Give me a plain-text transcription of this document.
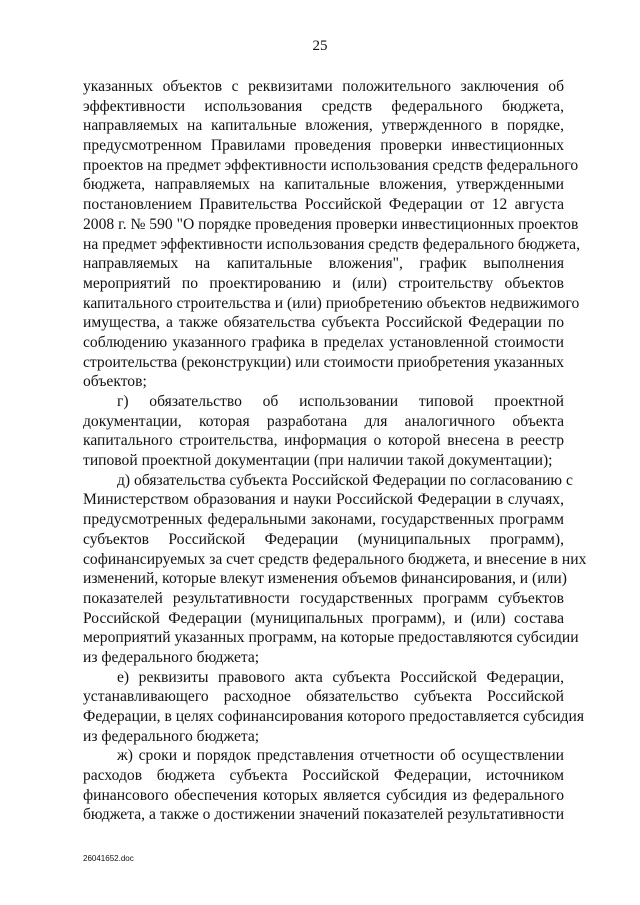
25
указанных объектов с реквизитами положительного заключения об
эффективности использования средств федерального бюджета,
направляемых на капитальные вложения, утвержденного в порядке,
предусмотренном Правилами проведения проверки инвестиционных
проектов на предмет эффективности использования средств федерального
бюджета, направляемых на капитальные вложения, утвержденными
постановлением Правительства Российской Федерации от 12 августа
2008 г. № 590 "О порядке проведения проверки инвестиционных проектов
на предмет эффективности использования средств федерального бюджета,
направляемых на капитальные вложения", график выполнения
мероприятий по проектированию и (или) строительству объектов
капитального строительства и (или) приобретению объектов недвижимого
имущества, а также обязательства субъекта Российской Федерации по
соблюдению указанного графика в пределах установленной стоимости
строительства (реконструкции) или стоимости приобретения указанных
объектов;
г) обязательство об использовании типовой проектной
документации, которая разработана для аналогичного объекта
капитального строительства, информация о которой внесена в реестр
типовой проектной документации (при наличии такой документации);
д) обязательства субъекта Российской Федерации по согласованию с
Министерством образования и науки Российской Федерации в случаях,
предусмотренных федеральными законами, государственных программ
субъектов Российской Федерации (муниципальных программ),
софинансируемых за счет средств федерального бюджета, и внесение в них
изменений, которые влекут изменения объемов финансирования, и (или)
показателей результативности государственных программ субъектов
Российской Федерации (муниципальных программ), и (или) состава
мероприятий указанных программ, на которые предоставляются субсидии
из федерального бюджета;
е) реквизиты правового акта субъекта Российской Федерации,
устанавливающего расходное обязательство субъекта Российской
Федерации, в целях софинансирования которого предоставляется субсидия
из федерального бюджета;
ж) сроки и порядок представления отчетности об осуществлении
расходов бюджета субъекта Российской Федерации, источником
финансового обеспечения которых является субсидия из федерального
бюджета, а также о достижении значений показателей результативности
26041652.doc
